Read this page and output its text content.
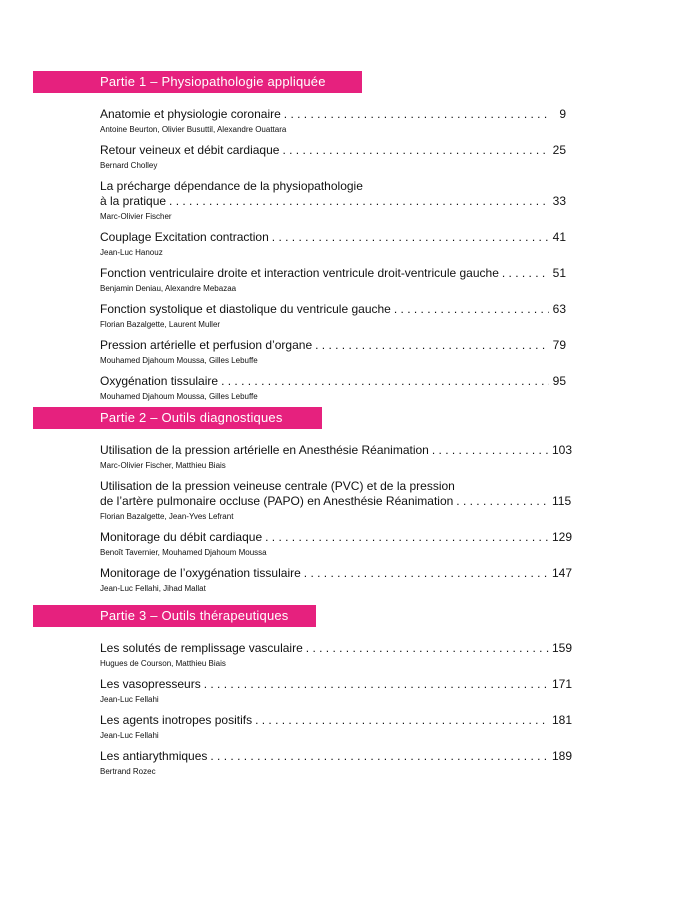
Partie 1 – Physiopathologie appliquée
Anatomie et physiologie coronaire . . .	9
Antoine Beurton, Olivier Busuttil, Alexandre Ouattara
Retour veineux et débit cardiaque . . .	25
Bernard Cholley
La précharge dépendance de la physiopathologie
à la pratique . . .	33
Marc-Olivier Fischer
Couplage Excitation contraction . . .	41
Jean-Luc Hanouz
Fonction ventriculaire droite et interaction ventricule droit-ventricule gauche . . .	51
Benjamin Deniau, Alexandre Mebazaa
Fonction systolique et diastolique du ventricule gauche . . .	63
Florian Bazalgette, Laurent Muller
Pression artérielle et perfusion d’organe . . .	79
Mouhamed Djahoum Moussa, Gilles Lebuffe
Oxygénation tissulaire . . .	95
Mouhamed Djahoum Moussa, Gilles Lebuffe
Partie 2 – Outils diagnostiques
Utilisation de la pression artérielle en Anesthésie Réanimation . . .	103
Marc-Olivier Fischer, Matthieu Biais
Utilisation de la pression veineuse centrale (PVC) et de la pression
de l’artère pulmonaire occluse (PAPO) en Anesthésie Réanimation . . .	115
Florian Bazalgette, Jean-Yves Lefrant
Monitorage du débit cardiaque . . .	129
Benoît Tavernier, Mouhamed Djahoum Moussa
Monitorage de l’oxygénation tissulaire . . .	147
Jean-Luc Fellahi, Jihad Mallat
Partie 3 – Outils thérapeutiques
Les solutés de remplissage vasculaire . . .	159
Hugues de Courson, Matthieu Biais
Les vasopresseurs . . .	171
Jean-Luc Fellahi
Les agents inotropes positifs . . .	181
Jean-Luc Fellahi
Les antiarythmiques . . .	189
Bertrand Rozec
